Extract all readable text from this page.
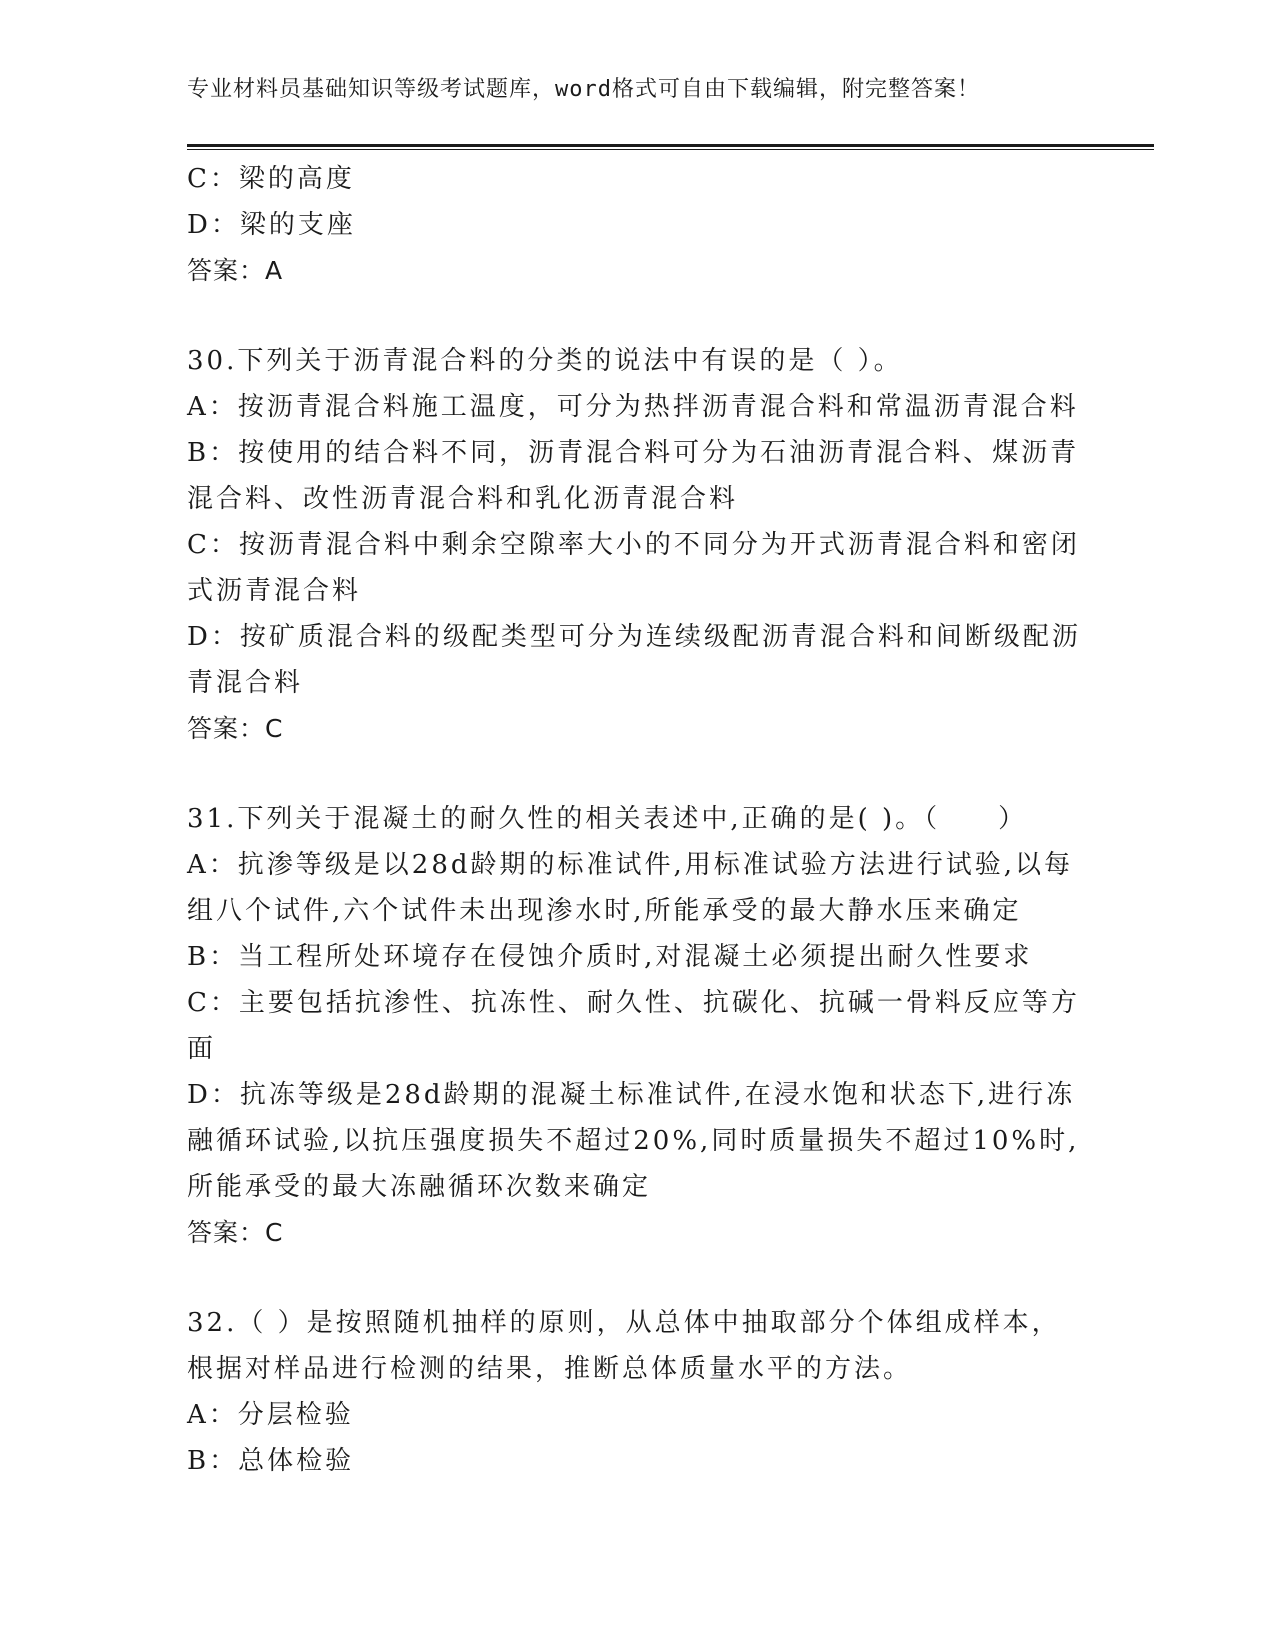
专业材料员基础知识等级考试题库，word格式可自由下载编辑，附完整答案！
C：梁的高度
D：梁的支座
答案：A
30.下列关于沥青混合料的分类的说法中有误的是（ ）。
A：按沥青混合料施工温度，可分为热拌沥青混合料和常温沥青混合料
B：按使用的结合料不同，沥青混合料可分为石油沥青混合料、煤沥青
混合料、改性沥青混合料和乳化沥青混合料
C：按沥青混合料中剩余空隙率大小的不同分为开式沥青混合料和密闭
式沥青混合料
D：按矿质混合料的级配类型可分为连续级配沥青混合料和间断级配沥
青混合料
答案：C
31.下列关于混凝土的耐久性的相关表述中,正确的是( )。（　　）
A：抗渗等级是以28d龄期的标准试件,用标准试验方法进行试验,以每
组八个试件,六个试件未出现渗水时,所能承受的最大静水压来确定
B：当工程所处环境存在侵蚀介质时,对混凝土必须提出耐久性要求
C：主要包括抗渗性、抗冻性、耐久性、抗碳化、抗碱一骨料反应等方
面
D：抗冻等级是28d龄期的混凝土标准试件,在浸水饱和状态下,进行冻
融循环试验,以抗压强度损失不超过20%,同时质量损失不超过10%时,
所能承受的最大冻融循环次数来确定
答案：C
32.（ ）是按照随机抽样的原则，从总体中抽取部分个体组成样本，
根据对样品进行检测的结果，推断总体质量水平的方法。
A：分层检验
B：总体检验
